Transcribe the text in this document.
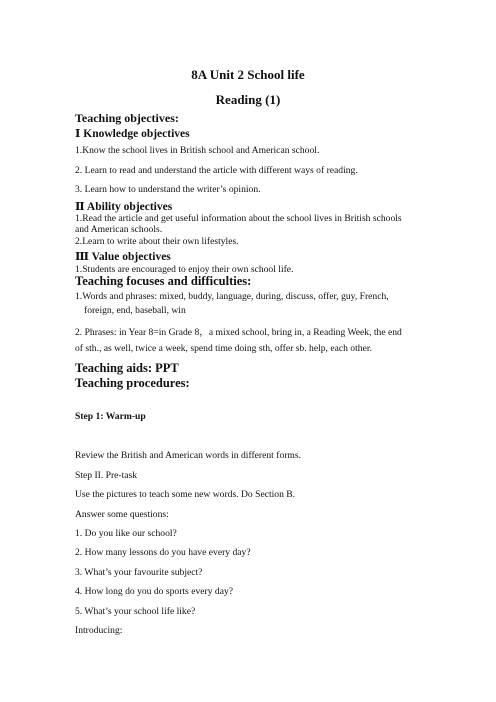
8A Unit 2 School life
Reading (1)
Teaching objectives:
Ⅰ Knowledge objectives
1.Know the school lives in British school and American school.
2. Learn to read and understand the article with different ways of reading.
3. Learn how to understand the writer’s opinion.
Ⅱ Ability objectives
1.Read the article and get useful information about the school lives in British schools
and American schools.
2.Learn to write about their own lifestyles.
Ⅲ Value objectives
1.Students are encouraged to enjoy their own school life.
Teaching focuses and difficulties:
1.Words and phrases: mixed, buddy, language, during, discuss, offer, guy, French,
foreign, end, baseball, win
2. Phrases: in Year 8=in Grade 8，a mixed school, bring in, a Reading Week, the end
of sth., as well, twice a week, spend time doing sth, offer sb. help, each other.
Teaching aids: PPT
Teaching procedures:
Step 1: Warm-up
Review the British and American words in different forms.
Step II. Pre-task
Use the pictures to teach some new words. Do Section B.
Answer some questions:
1. Do you like our school?
2. How many lessons do you have every day?
3. What’s your favourite subject?
4. How long do you do sports every day?
5. What’s your school life like?
Introducing:
